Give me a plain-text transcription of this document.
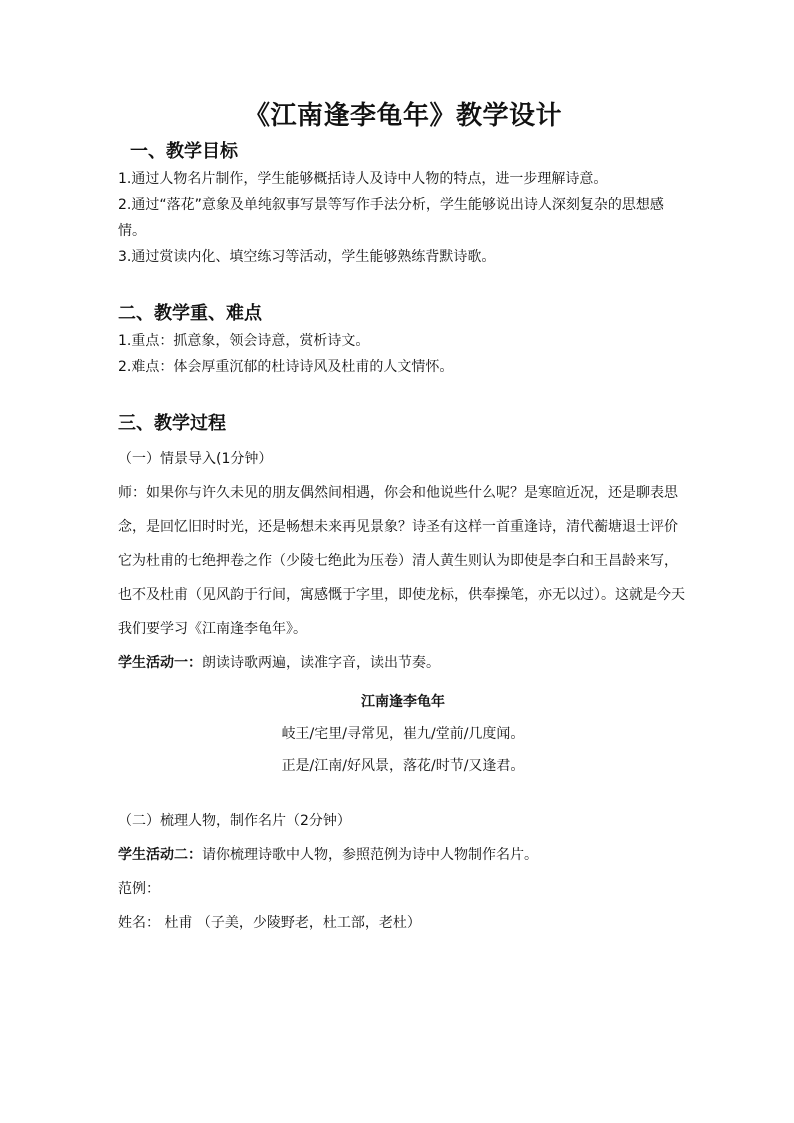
《江南逢李龟年》教学设计
一、教学目标
1.通过人物名片制作，学生能够概括诗人及诗中人物的特点，进一步理解诗意。
2.通过“落花”意象及单纯叙事写景等写作手法分析，学生能够说出诗人深刻复杂的思想感情。
3.通过赏读内化、填空练习等活动，学生能够熟练背默诗歌。
二、教学重、难点
1.重点：抓意象，领会诗意，赏析诗文。
2.难点：体会厚重沉郁的杜诗诗风及杜甫的人文情怀。
三、教学过程
（一）情景导入(1分钟）
师：如果你与许久未见的朋友偶然间相遇，你会和他说些什么呢？是寒暄近况，还是聊表思念，是回忆旧时时光，还是畅想未来再见景象？诗圣有这样一首重逢诗，清代蘅塘退士评价它为杜甫的七绝押卷之作（少陵七绝此为压卷）清人黄生则认为即使是李白和王昌龄来写，也不及杜甫（见风韵于行间，寓感慨于字里，即使龙标，供奉操笔，亦无以过）。这就是今天我们要学习《江南逢李龟年》。
学生活动一：朗读诗歌两遍，读准字音，读出节奏。
江南逢李龟年
岐王/宅里/寻常见，崔九/堂前/几度闻。
正是/江南/好风景，落花/时节/又逢君。
（二）梳理人物，制作名片（2分钟）
学生活动二：请你梳理诗歌中人物，参照范例为诗中人物制作名片。
范例：
姓名： 杜甫 （子美，少陵野老，杜工部，老杜）
